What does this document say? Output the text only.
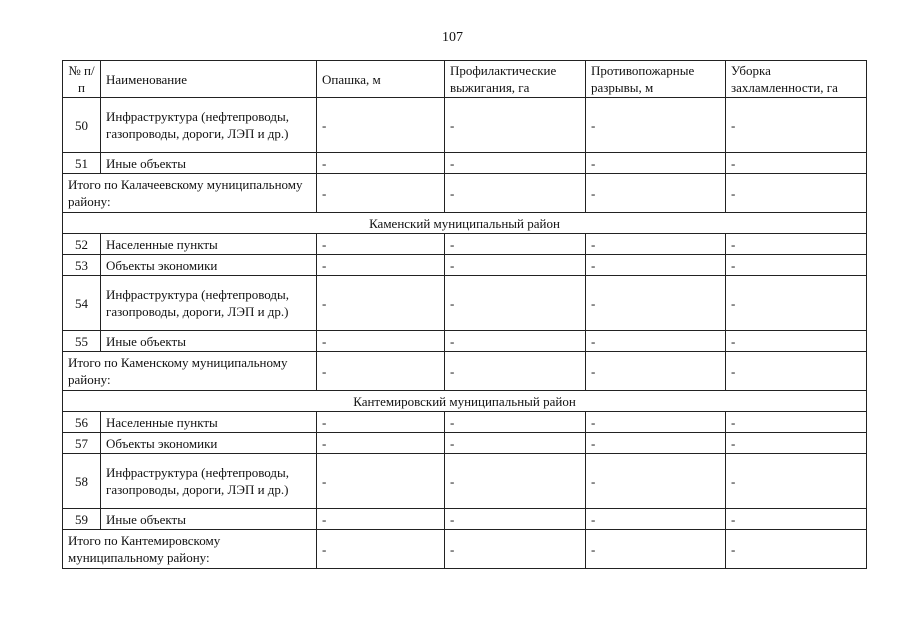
107
№ п/п	Наименование	Опашка, м	Профилактические выжигания, га	Противопожарные разрывы, м	Уборка захламленности, га
50	Инфраструктура (нефтепроводы, газопроводы, дороги, ЛЭП и др.)	-	-	-	-
51	Иные объекты	-	-	-	-
Итого по Калачеевскому муниципальному району:		-	-	-	-
Каменский муниципальный район					
52	Населенные пункты	-	-	-	-
53	Объекты экономики	-	-	-	-
54	Инфраструктура (нефтепроводы, газопроводы, дороги, ЛЭП и др.)	-	-	-	-
55	Иные объекты	-	-	-	-
Итого по Каменскому муниципальному району:		-	-	-	-
Кантемировский муниципальный район					
56	Населенные пункты	-	-	-	-
57	Объекты экономики	-	-	-	-
58	Инфраструктура (нефтепроводы, газопроводы, дороги, ЛЭП и др.)	-	-	-	-
59	Иные объекты	-	-	-	-
Итого по Кантемировскому муниципальному району:		-	-	-	-
